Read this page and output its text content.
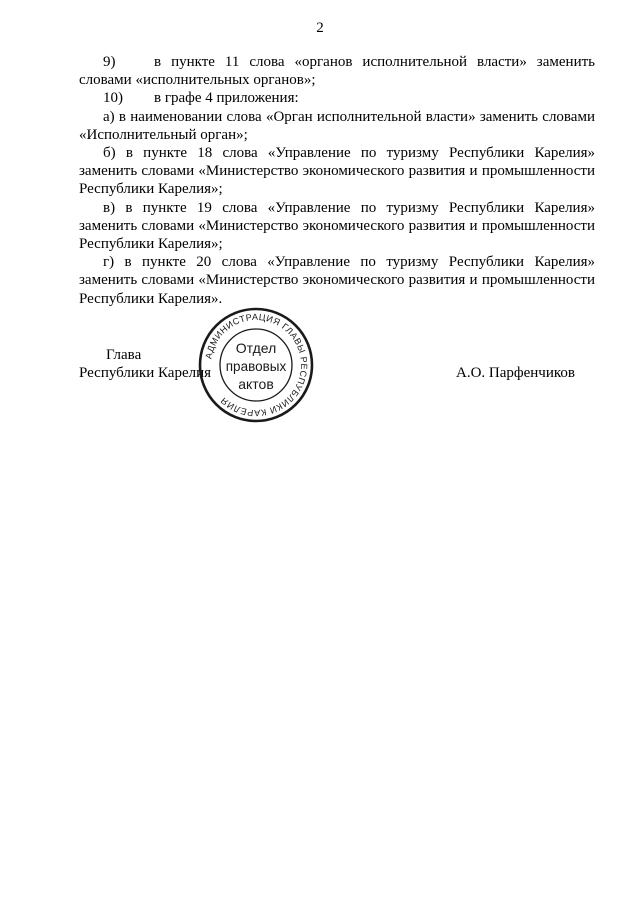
2

9)	в пункте 11 слова «органов исполнительной власти» заменить словами «исполнительных органов»;

10) в графе 4 приложения:

а) в наименовании слова «Орган исполнительной власти» заменить словами «Исполнительный орган»;

б) в пункте 18 слова «Управление по туризму Республики Карелия» заменить словами «Министерство экономического развития и промышленности Республики Карелия»;

в) в пункте 19 слова «Управление по туризму Республики Карелия» заменить словами «Министерство экономического развития и промышленности Республики Карелия»;

г) в пункте 20 слова «Управление по туризму Республики Карелия» заменить словами «Министерство экономического развития и промышленности Республики Карелия».

Глава
Республики Карелия	А.О. Парфенчиков
АДМИНИСТРАЦИЯ ГЛАВЫ РЕСПУБЛИКИ КАРЕЛИЯ
Отдел
правовых
актов
